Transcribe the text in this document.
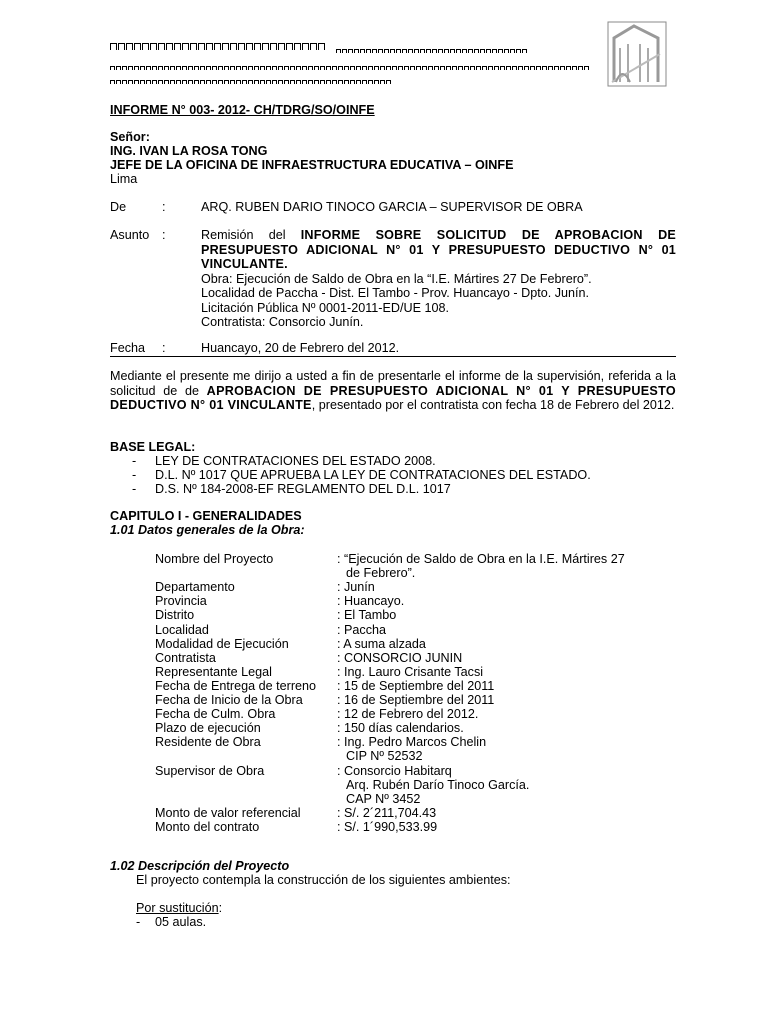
INFORME N° 003- 2012- CH/TDRG/SO/OINFE
Señor:
ING. IVAN LA ROSA TONG
JEFE DE LA OFICINA DE INFRAESTRUCTURA EDUCATIVA – OINFE
Lima
De	:	ARQ. RUBEN DARIO TINOCO GARCIA – SUPERVISOR DE OBRA
Asunto :	Remisión del INFORME SOBRE SOLICITUD DE APROBACION DE PRESUPUESTO ADICIONAL N° 01 Y PRESUPUESTO DEDUCTIVO N° 01 VINCULANTE.
Obra: Ejecución de Saldo de Obra en la “I.E. Mártires 27 De Febrero”.
Localidad de Paccha - Dist. El Tambo - Prov. Huancayo - Dpto. Junín.
Licitación Pública Nº 0001-2011-ED/UE 108.
Contratista: Consorcio Junín.
Fecha :	Huancayo, 20 de Febrero del 2012.
Mediante el presente me dirijo a usted a fin de presentarle el informe de la supervisión, referida a la solicitud de de APROBACION DE PRESUPUESTO ADICIONAL N° 01 Y PRESUPUESTO DEDUCTIVO N° 01 VINCULANTE, presentado por el contratista con fecha 18 de Febrero del 2012.
BASE LEGAL:
- LEY DE CONTRATACIONES DEL ESTADO 2008.
- D.L. Nº 1017 QUE APRUEBA LA LEY DE CONTRATACIONES DEL ESTADO.
- D.S. Nº 184-2008-EF REGLAMENTO DEL D.L. 1017
CAPITULO I - GENERALIDADES
1.01 Datos generales de la Obra:
Nombre del Proyecto	: “Ejecución de Saldo de Obra en la I.E. Mártires 27
de Febrero”.
Departamento	: Junín
Provincia	: Huancayo.
Distrito	: El Tambo
Localidad	: Paccha
Modalidad de Ejecución	: A suma alzada
Contratista	: CONSORCIO JUNIN
Representante Legal	: Ing. Lauro Crisante Tacsi
Fecha de Entrega de terreno : 15 de Septiembre del 2011
Fecha de Inicio de la Obra	: 16 de Septiembre del 2011
Fecha de Culm. Obra	: 12 de Febrero del 2012.
Plazo de ejecución	: 150 días calendarios.
Residente de Obra	: Ing. Pedro Marcos Chelin
CIP Nº 52532
Supervisor de Obra	: Consorcio Habitarq
Arq. Rubén Darío Tinoco García.
CAP Nº 3452
Monto de valor referencial	: S/. 2´211,704.43
Monto del contrato	: S/. 1´990,533.99
1.02 Descripción del Proyecto
El proyecto contempla la construcción de los siguientes ambientes:
Por sustitución:
- 05 aulas.
